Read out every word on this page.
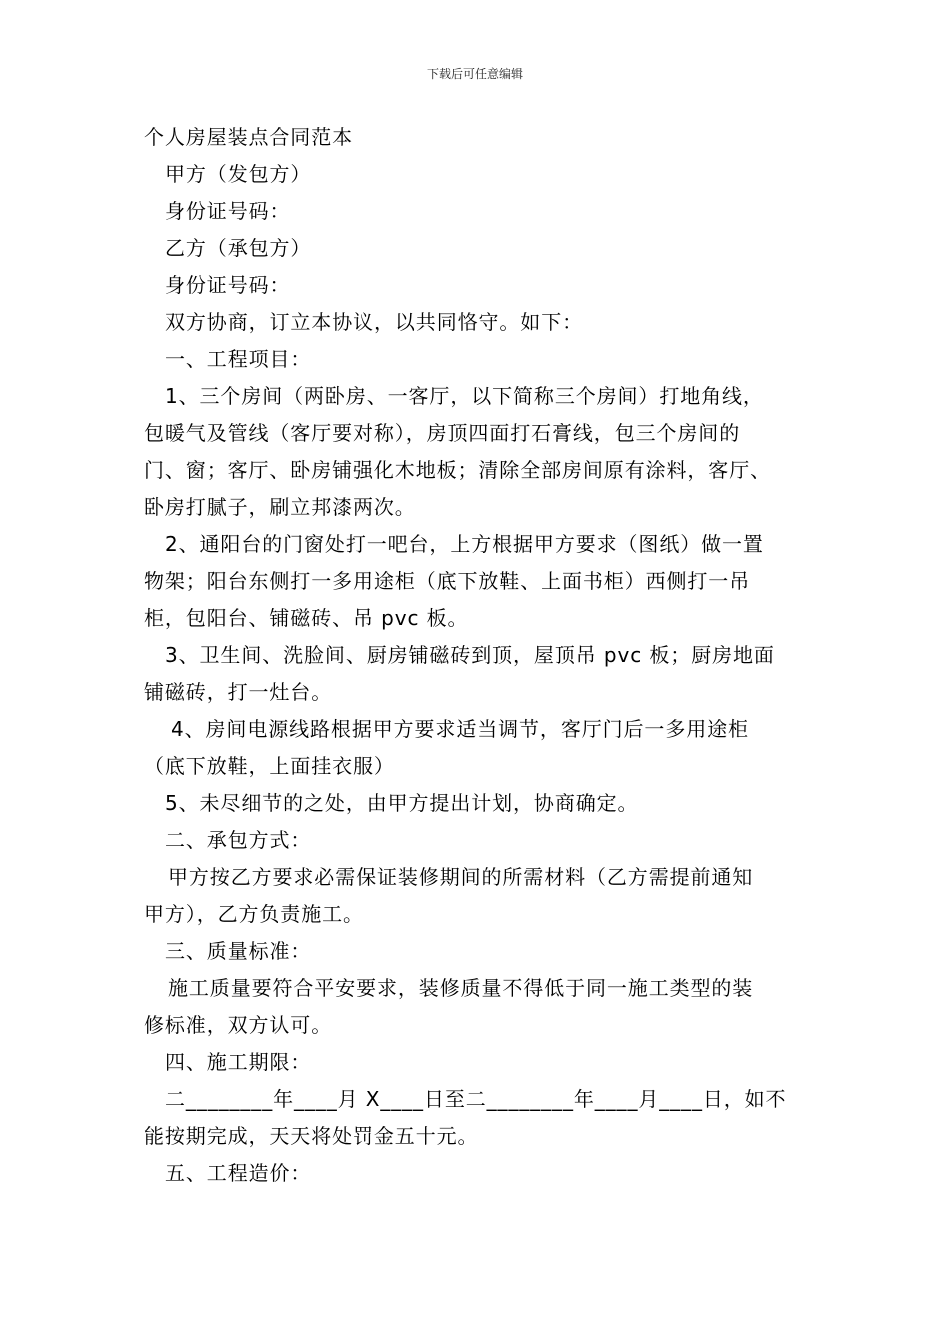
下载后可任意编辑

个人房屋装点合同范本

甲方（发包方）

身份证号码：

乙方（承包方）

身份证号码：

双方协商，订立本协议，以共同恪守。如下：

一、工程项目：

1、三个房间（两卧房、一客厅，以下简称三个房间）打地角线，

包暖气及管线（客厅要对称），房顶四面打石膏线，包三个房间的

门、窗；客厅、卧房铺强化木地板；清除全部房间原有涂料，客厅、

卧房打腻子，刷立邦漆两次。

2、通阳台的门窗处打一吧台，上方根据甲方要求（图纸）做一置

物架；阳台东侧打一多用途柜（底下放鞋、上面书柜）西侧打一吊

柜，包阳台、铺磁砖、吊 pvc 板。

3、卫生间、洗脸间、厨房铺磁砖到顶，屋顶吊 pvc 板；厨房地面

铺磁砖，打一灶台。

4、房间电源线路根据甲方要求适当调节，客厅门后一多用途柜

（底下放鞋，上面挂衣服）

5、未尽细节的之处，由甲方提出计划，协商确定。

二、承包方式：

甲方按乙方要求必需保证装修期间的所需材料（乙方需提前通知

甲方），乙方负责施工。

三、质量标准：

施工质量要符合平安要求，装修质量不得低于同一施工类型的装

修标准，双方认可。

四、施工期限：

二________年____月 X____日至二________年____月____日，如不

能按期完成，天天将处罚金五十元。

五、工程造价：
